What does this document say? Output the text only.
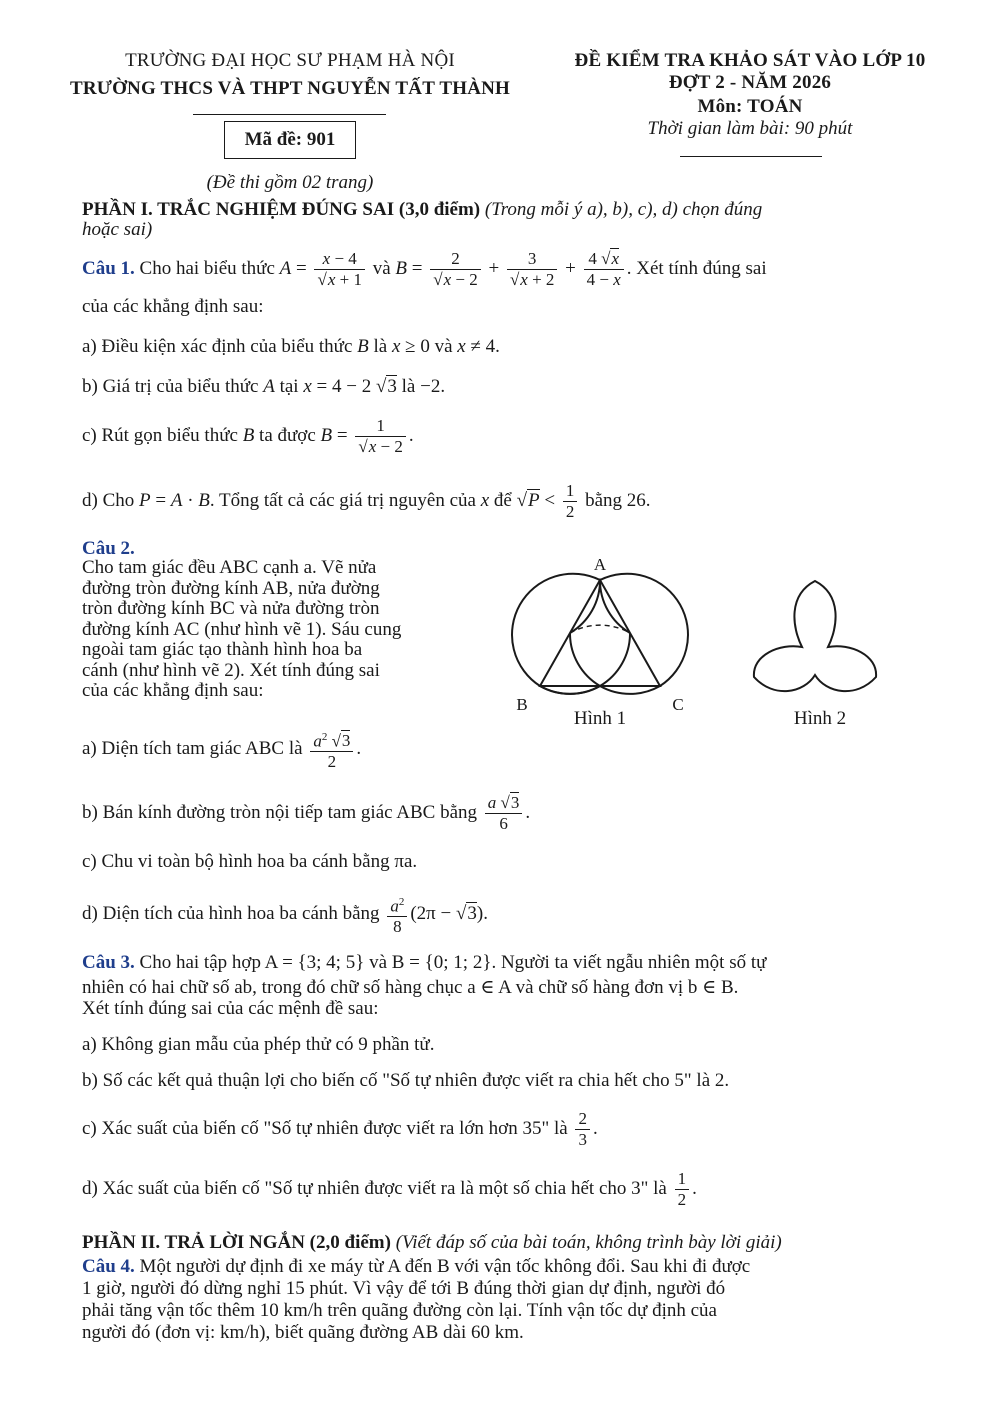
TRƯỜNG ĐẠI HỌC SƯ PHẠM HÀ NỘI
TRƯỜNG THCS VÀ THPT NGUYỄN TẤT THÀNH
Mã đề: 901
(Đề thi gồm 02 trang)
ĐỀ KIỂM TRA KHẢO SÁT VÀO LỚP 10
ĐỢT 2 - NĂM 2026
Môn: TOÁN
Thời gian làm bài: 90 phút
PHẦN I. TRẮC NGHIỆM ĐÚNG SAI (3,0 điểm) (Trong mỗi ý a), b), c), d) chọn đúng
hoặc sai)
Câu 1. Cho hai biểu thức $A = \frac{x - 4}{√x + 1}$ và $B = \frac{2}{√x - 2} + \frac{3}{√x + 2} + \frac{4 √x}{4 - x}$ . Xét tính đúng sai
của các khẳng định sau:
a) Điều kiện xác định của biểu thức B là x ≥ 0 và x ≠ 4.
b) Giá trị của biểu thức A tại x = 4 − 2 √3 là −2.
c) Rút gọn biểu thức B ta được $B = \frac{1}{√x - 2}$ .
d) Cho P = A · B. Tổng tất cả các giá trị nguyên của x để $√P < \frac{1}{2}$ bằng 26.
Câu 2.
Cho tam giác đều ABC cạnh a. Vẽ nửa
đường tròn đường kính AB, nửa đường
tròn đường kính BC và nửa đường tròn
đường kính AC (như hình vẽ 1). Sáu cung
ngoài tam giác tạo thành hình hoa ba
cánh (như hình vẽ 2). Xét tính đúng sai
của các khẳng định sau:
A
B	C
Hình 1	Hình 2
a) Diện tích tam giác ABC là $\frac{a^2 √3}{2}$ .
b) Bán kính đường tròn nội tiếp tam giác ABC bằng $\frac{a √3}{6}$ .
c) Chu vi toàn bộ hình hoa ba cánh bằng πa.
d) Diện tích của hình hoa ba cánh bằng $\frac{a^2}{8} (2\pi - √3)$.
Câu 3. Cho hai tập hợp A = {3; 4; 5} và B = {0; 1; 2}. Người ta viết ngẫu nhiên một số tự
nhiên có hai chữ số ab, trong đó chữ số hàng chục a ∈ A và chữ số hàng đơn vị b ∈ B.
Xét tính đúng sai của các mệnh đề sau:
a) Không gian mẫu của phép thử có 9 phần tử.
b) Số các kết quả thuận lợi cho biến cố "Số tự nhiên được viết ra chia hết cho 5" là 2.
c) Xác suất của biến cố "Số tự nhiên được viết ra lớn hơn 35" là $\frac{2}{3}$ .
d) Xác suất của biến cố "Số tự nhiên được viết ra là một số chia hết cho 3" là $\frac{1}{2}$ .
PHẦN II. TRẢ LỜI NGẮN (2,0 điểm) (Viết đáp số của bài toán, không trình bày lời giải)
Câu 4. Một người dự định đi xe máy từ A đến B với vận tốc không đổi. Sau khi đi được
1 giờ, người đó dừng nghỉ 15 phút. Vì vậy để tới B đúng thời gian dự định, người đó
phải tăng vận tốc thêm 10 km/h trên quãng đường còn lại. Tính vận tốc dự định của
người đó (đơn vị: km/h), biết quãng đường AB dài 60 km.
